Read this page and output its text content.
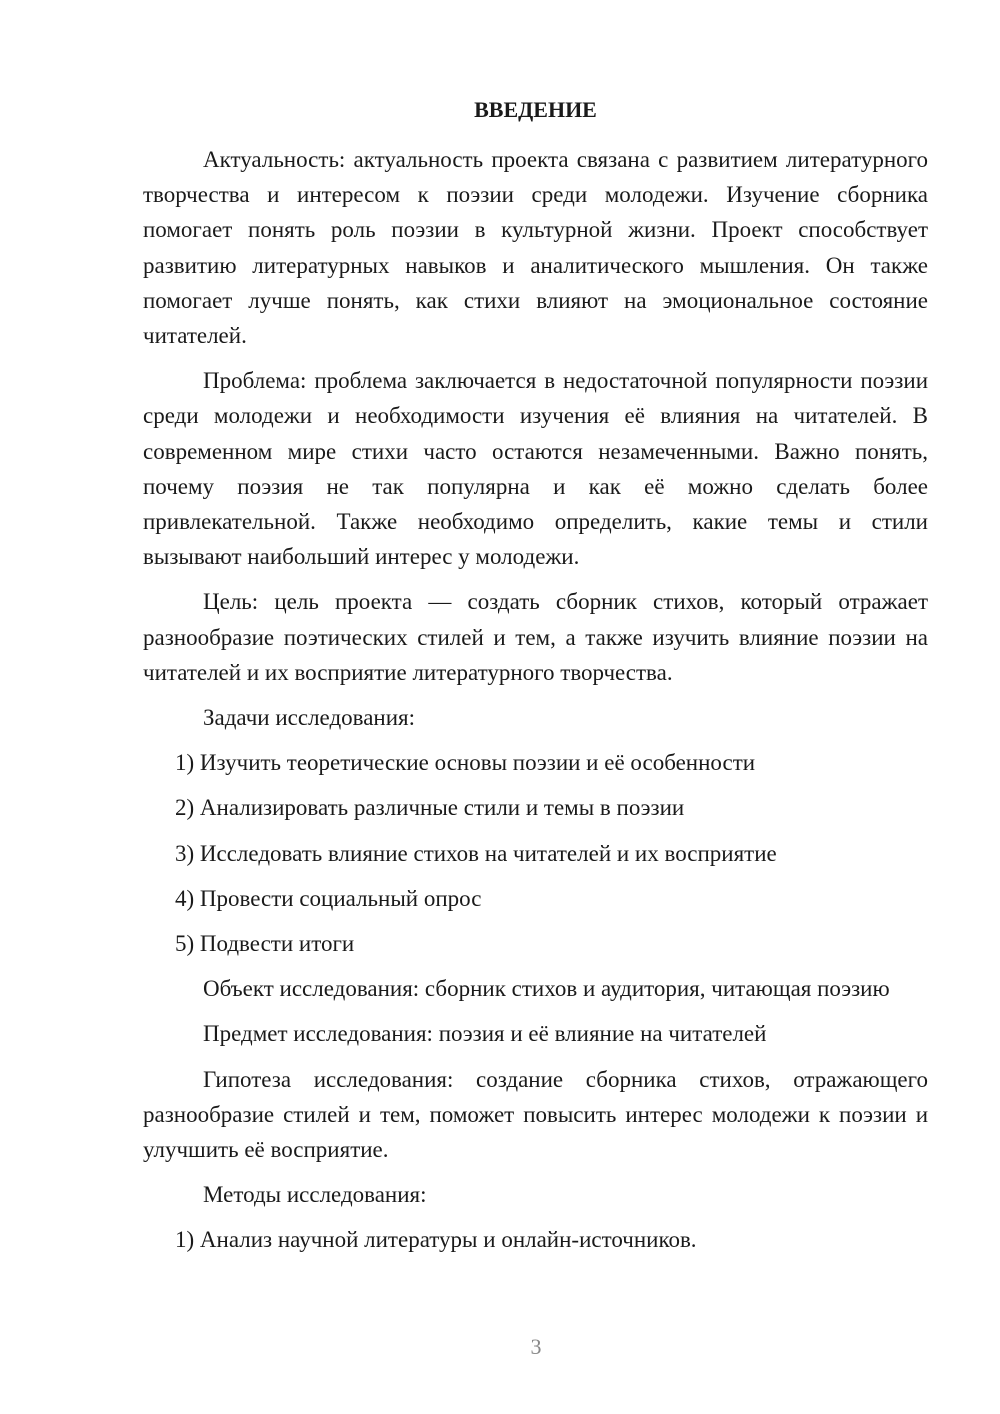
ВВЕДЕНИЕ

Актуальность: актуальность проекта связана с развитием литературного творчества и интересом к поэзии среди молодежи. Изучение сборника помогает понять роль поэзии в культурной жизни. Проект способствует развитию литературных навыков и аналитического мышления. Он также помогает лучше понять, как стихи влияют на эмоциональное состояние читателей.

Проблема: проблема заключается в недостаточной популярности поэзии среди молодежи и необходимости изучения её влияния на читателей. В современном мире стихи часто остаются незамеченными. Важно понять, почему поэзия не так популярна и как её можно сделать более привлекательной. Также необходимо определить, какие темы и стили вызывают наибольший интерес у молодежи.

Цель: цель проекта — создать сборник стихов, который отражает разнообразие поэтических стилей и тем, а также изучить влияние поэзии на читателей и их восприятие литературного творчества.

Задачи исследования:
1) Изучить теоретические основы поэзии и её особенности
2) Анализировать различные стили и темы в поэзии
3) Исследовать влияние стихов на читателей и их восприятие
4) Провести социальный опрос
5) Подвести итоги

Объект исследования: сборник стихов и аудитория, читающая поэзию

Предмет исследования: поэзия и её влияние на читателей

Гипотеза исследования: создание сборника стихов, отражающего разнообразие стилей и тем, поможет повысить интерес молодежи к поэзии и улучшить её восприятие.

Методы исследования:
1) Анализ научной литературы и онлайн-источников.
3
